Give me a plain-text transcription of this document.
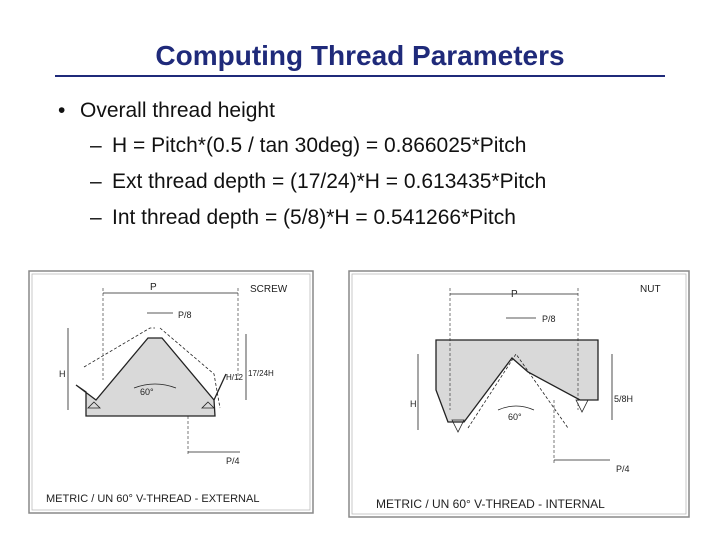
Computing Thread Parameters
• Overall thread height
– H = Pitch*(0.5 / tan 30deg) = 0.866025*Pitch
– Ext thread depth = (17/24)*H = 0.613435*Pitch
– Int thread depth = (5/8)*H = 0.541266*Pitch
P
P/8
H	H/12 17/24H
60°
P/4
SCREW
METRIC / UN 60° V-THREAD - EXTERNAL
P
P/8
H	5/8H
60°
P/4
NUT
METRIC / UN 60° V-THREAD - INTERNAL
